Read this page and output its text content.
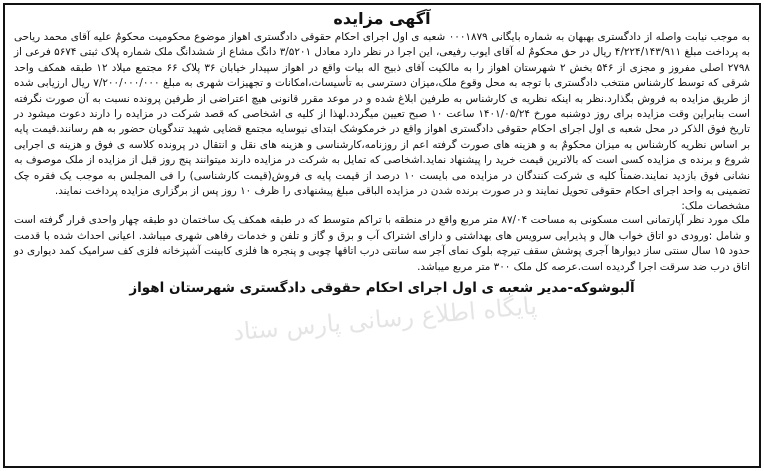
پایگاه اطلاع رسانی پارس ستاد
آگهی مزایده

به موجب نیابت واصله از دادگستری بهبهان به شماره بایگانی ۰۰۰۱۸۷۹ شعبه ی اول اجرای احکام حقوقی دادگستری اهواز موضوع محکومیت محکومٌ علیه آقای محمد ریاحی به پرداخت مبلغ ۴/۲۲۴/۱۴۳/۹۱۱ ریال در حق محکومٌ له آقای ایوب رفیعی، این اجرا در نظر دارد معادل ۳/۵۲۰۱ دانگ مشاع از ششدانگ ملک شماره پلاک ثبتی ۵۶۷۴ فرعی از ۲۷۹۸ اصلی مفروز و مجزی از ۵۴۶ بخش ۲ شهرستان اهواز را به مالکیت آقای ذبیح اله بیات واقع در اهواز سپیدار خیابان ۳۶ پلاک ۶۶ مجتمع میلاد ۱۲ طبقه همکف واحد شرقی که توسط کارشناس منتخب دادگستری با توجه به محل وقوع ملک،میزان دسترسی به تأسیسات،امکانات و تجهیزات شهری به مبلغ ۷/۲۰۰/۰۰۰/۰۰۰ ریال ارزیابی شده از طریق مزایده به فروش بگذارد.نظر به اینکه نظریه ی کارشناس به طرفین ابلاغ شده و در موعد مقرر قانونی هیچ اعتراضی از طرفین پرونده نسبت به آن صورت نگرفته است بنابراین وقت مزایده برای روز دوشنبه مورخ ۱۴۰۱/۰۵/۲۴ ساعت ۱۰ صبح تعیین میگردد.لهذا از کلیه ی اشخاصی که قصد شرکت در مزایده را دارند دعوت میشود در تاریخ فوق الذکر در محل شعبه ی اول اجرای احکام حقوقی دادگستری اهواز واقع در خرمکوشک ابتدای نیوسایه مجتمع قضایی شهید تندگویان حضور به هم رسانند.قیمت پایه بر اساس نظریه کارشناس به میزان محکومٌ به و هزینه های صورت گرفته اعم از روزنامه،کارشناسی و هزینه های نقل و انتقال در پرونده کلاسه ی فوق و هزینه ی اجرایی شروع و برنده ی مزایده کسی است که بالاترین قیمت خرید را پیشنهاد نماید.اشخاصی که تمایل به شرکت در مزایده دارند میتوانند پنج روز قبل از مزایده از ملک موصوف به نشانی فوق بازدید نمایند.ضمناً کلیه ی شرکت کنندگان در مزایده می بایست ۱۰ درصد از قیمت پایه ی فروش(قیمت کارشناسی) را فی المجلس به موجب یک فقره چک تضمینی به واحد اجرای احکام حقوقی تحویل نمایند و در صورت برنده شدن در مزایده الباقی مبلغ پیشنهادی را ظرف ۱۰ روز پس از برگزاری مزایده پرداخت نمایند.

مشخصات ملک:

ملک مورد نظر آپارتمانی است مسکونی به مساحت ۸۷/۰۴ متر مربع واقع در منطقه با تراکم متوسط که در طبقه همکف یک ساختمان دو طبقه چهار واحدی قرار گرفته است و شامل :ورودی دو اتاق خواب هال و پذیرایی سرویس های بهداشتی و دارای اشتراک آب و برق و گاز و تلفن و خدمات رفاهی شهری میباشد. اعیانی احداث شده با قدمت حدود ۱۵ سال سنتی ساز دیوارها آجری پوشش سقف تیرچه بلوک نمای آجر سه سانتی درب اتاقها چوبی و پنجره ها فلزی کابینت آشپزخانه فلزی کف سرامیک کمد دیواری دو اتاق درب ضد سرقت اجرا گردیده است.عرصه کل ملک ۳۰۰ متر مربع میباشد.

آلبوشوکه-مدیر شعبه ی اول اجرای احکام حقوقی دادگستری شهرستان اهواز
